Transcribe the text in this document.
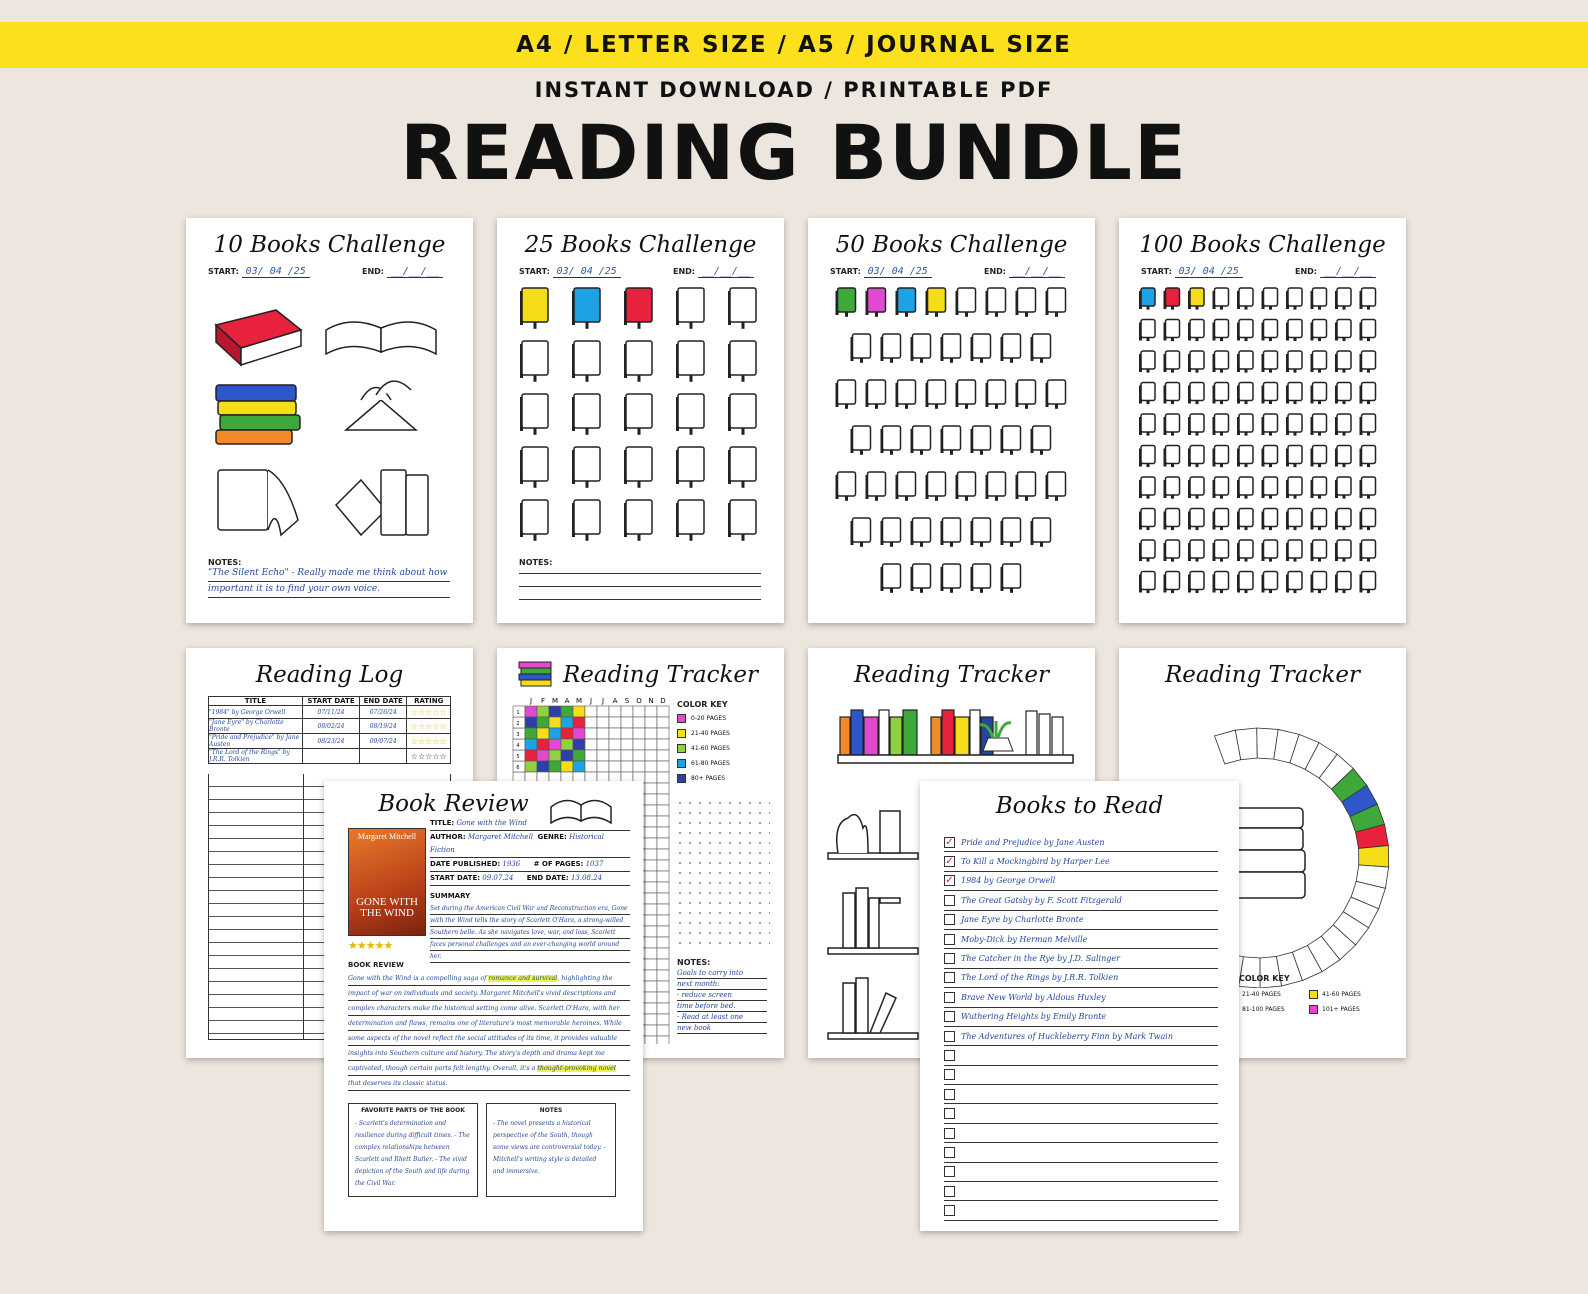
A4 / LETTER SIZE / A5 / JOURNAL SIZE
INSTANT DOWNLOAD / PRINTABLE PDF
READING BUNDLE
10 Books Challenge
START: 03/ 04 /25	END: __/__/__
NOTES:
"The Silent Echo" - Really made me think about how
important it is to find your own voice.
25 Books Challenge
START: 03/ 04 /25	END: __/__/__
NOTES:
50 Books Challenge
START: 03/ 04 /25	END: __/__/__
100 Books Challenge
START: 03/ 04 /25	END: __/__/__
Reading Log
TITLE	START DATE	END DATE	RATING
"1984" by George Orwell	07/11/24	07/26/24	☆☆☆☆☆
"Jane Eyre" by Charlotte Bronte	08/02/24	08/19/24	☆☆☆☆☆
"Pride and Prejudice" by Jane Austen	08/23/24	09/07/24	☆☆☆☆☆
"The Lord of the Rings" by J.R.R. Tolkien			☆☆☆☆☆
Reading Tracker
J F M A M J J A S O N D
1
2
3
4
5
6
COLOR KEY
0-20 PAGES
21-40 PAGES
41-60 PAGES
61-80 PAGES
80+ PAGES
NOTES:
Goals to carry into
next month:
- reduce screen
time before bed.
- Read at least one
new book
Reading Tracker	Reading Tracker
COLOR KEY
21-40 PAGES	41-60 PAGES
81-100 PAGES	101+ PAGES
Book Review
Margaret Mitchell
GONE WITH THE WIND
★★★★★
TITLE: Gone with the Wind
AUTHOR: Margaret Mitchell GENRE: Historical Fiction
DATE PUBLISHED: 1936 # OF PAGES: 1037
START DATE: 09.07.24 END DATE: 13.08.24
SUMMARY
Set during the American Civil War and Reconstruction era, Gone with the Wind tells the story of Scarlett O'Hara, a strong-willed Southern belle. As she navigates love, war, and loss, Scarlett faces personal challenges and an ever-changing world around her.
BOOK REVIEW
Gone with the Wind is a compelling saga of romance and survival, highlighting the impact of war on individuals and society. Margaret Mitchell's vivid descriptions and complex characters make the historical setting come alive. Scarlett O'Hara, with her determination and flaws, remains one of literature's most memorable heroines. While some aspects of the novel reflect the social attitudes of its time, it provides valuable insights into Southern culture and history. The story's depth and drama kept me captivated, though certain parts felt lengthy. Overall, it's a thought-provoking novel that deserves its classic status.
FAVORITE PARTS OF THE BOOK
- Scarlett's determination and resilience during difficult times. - The complex relationships between Scarlett and Rhett Butler. - The vivid depiction of the South and life during the Civil War.
NOTES
- The novel presents a historical perspective of the South, though some views are controversial today. - Mitchell's writing style is detailed and immersive.
Books to Read
✓ Pride and Prejudice by Jane Austen
✓ To Kill a Mockingbird by Harper Lee
✓ 1984 by George Orwell
The Great Gatsby by F. Scott Fitzgerald
Jane Eyre by Charlotte Bronte
Moby-Dick by Herman Melville
The Catcher in the Rye by J.D. Salinger
The Lord of the Rings by J.R.R. Tolkien
Brave New World by Aldous Huxley
Wuthering Heights by Emily Bronte
The Adventures of Huckleberry Finn by Mark Twain
